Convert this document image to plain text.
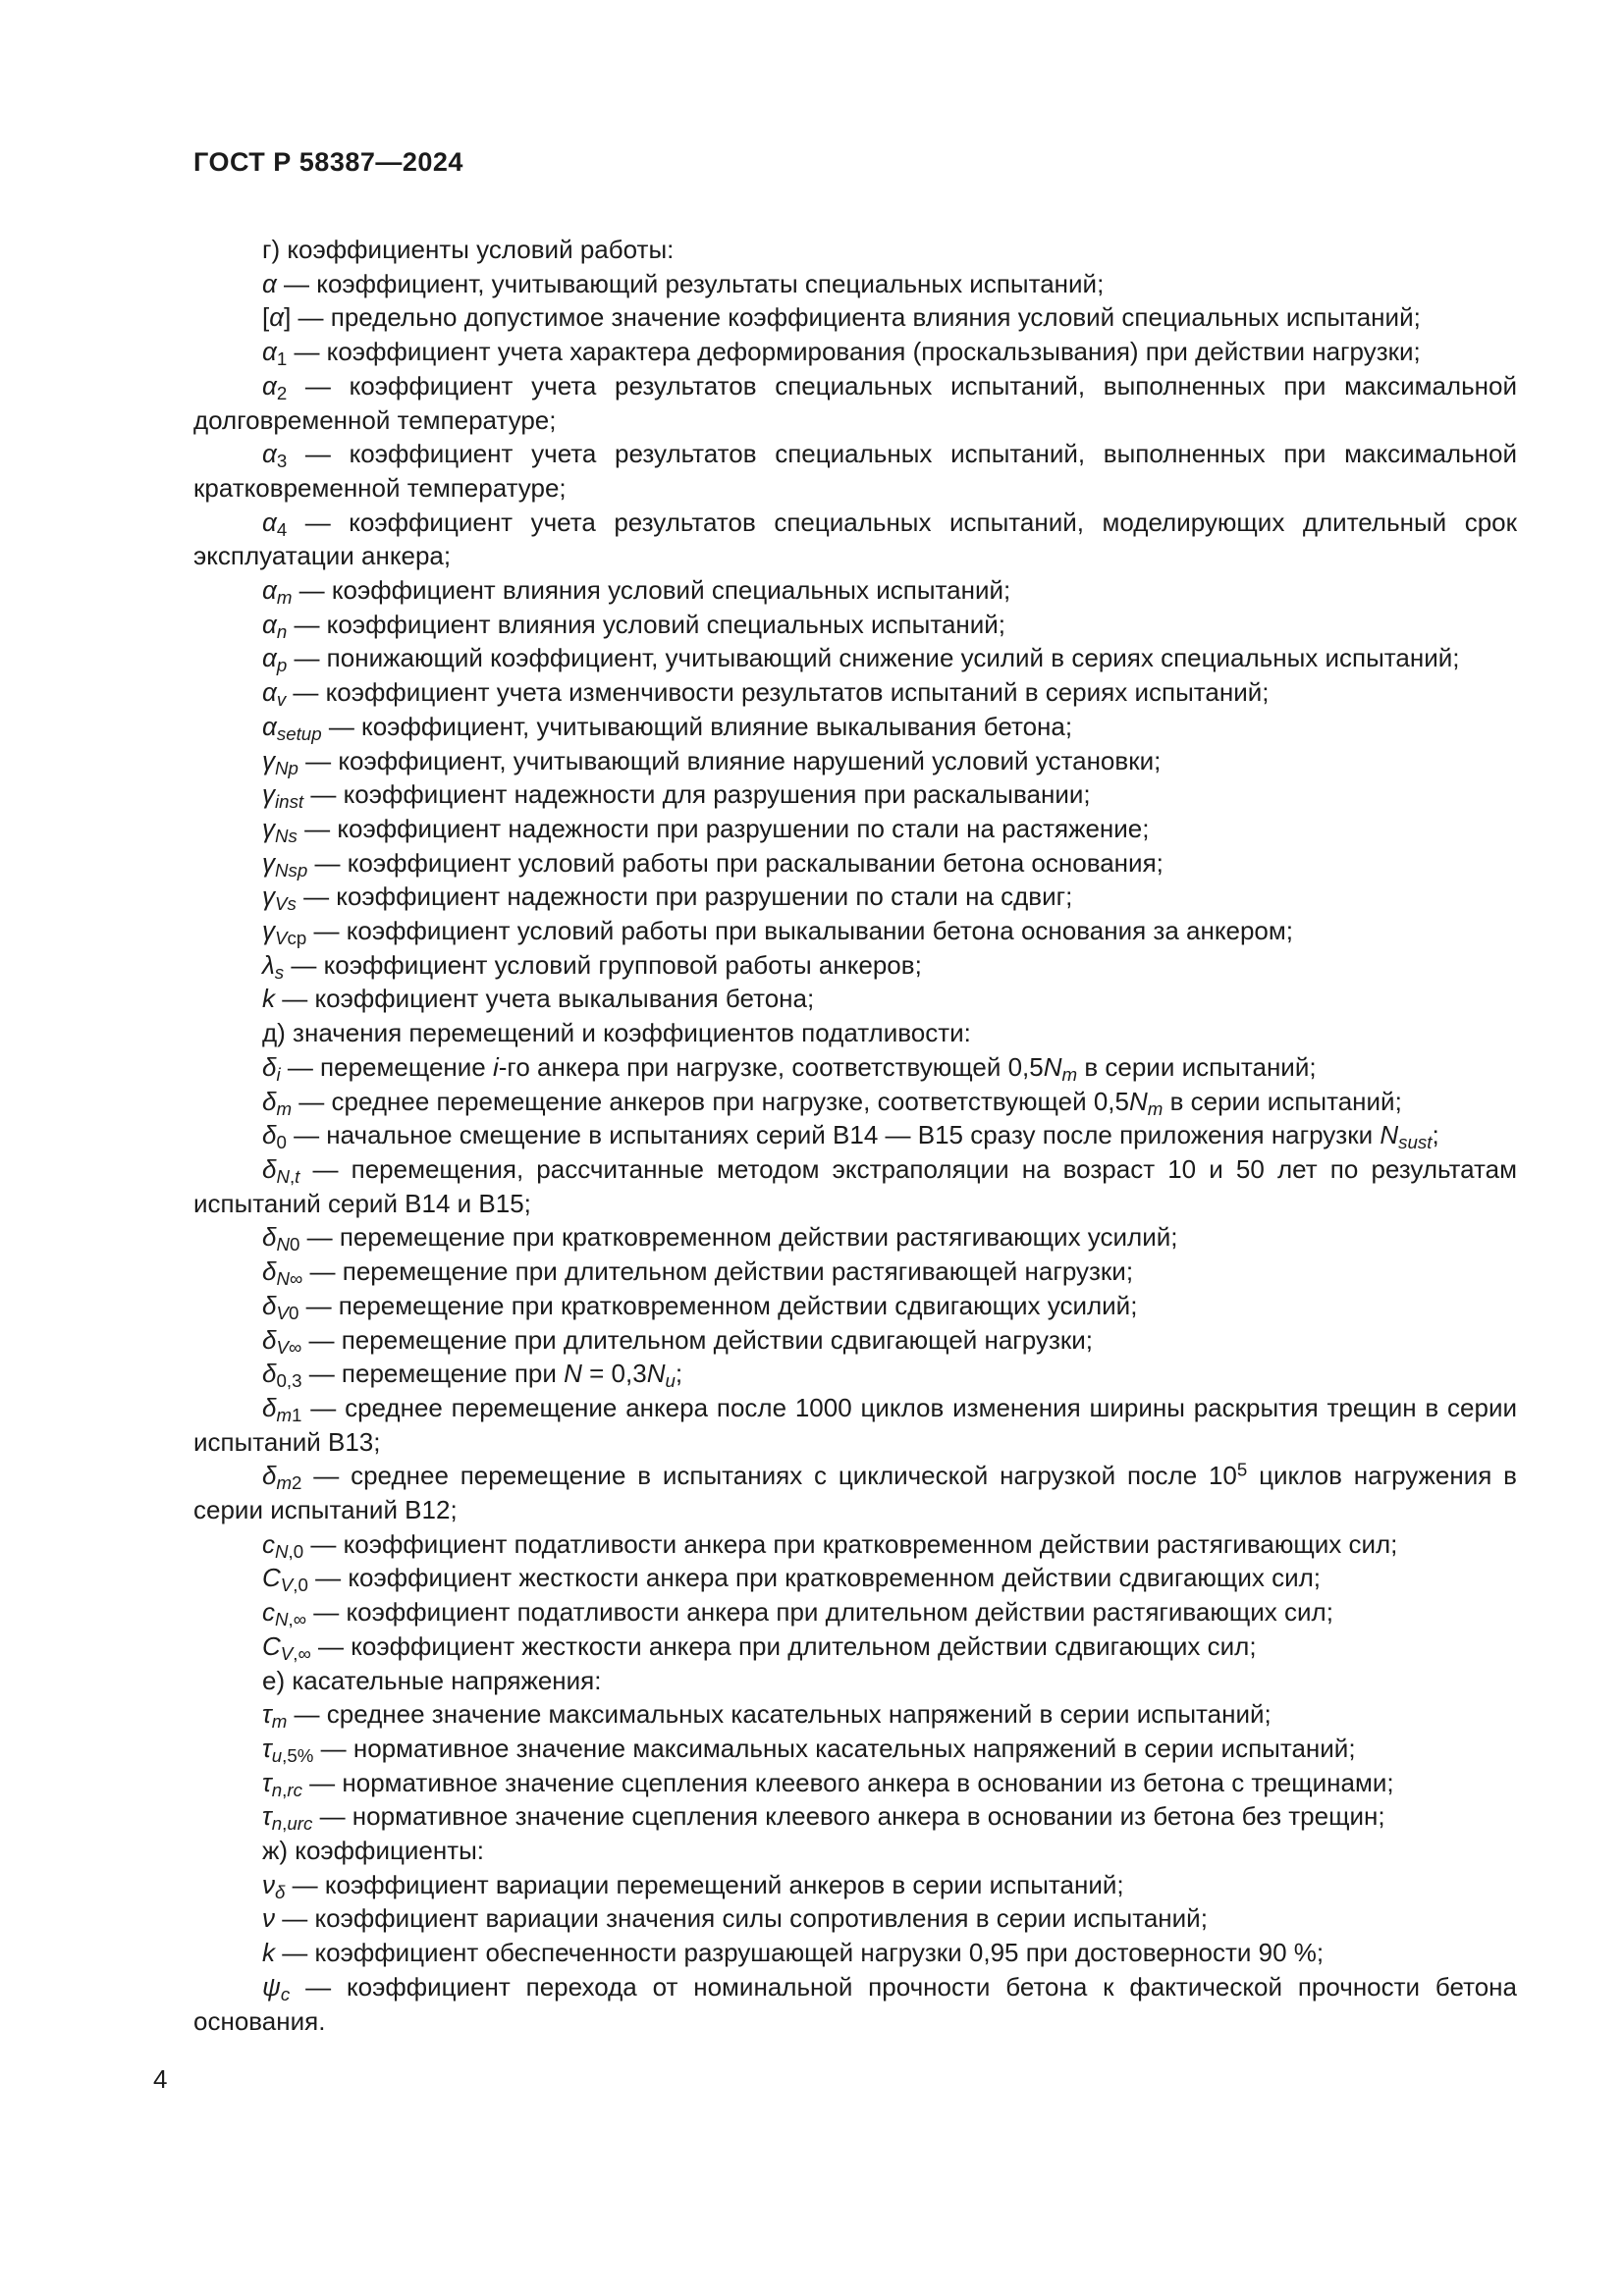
ГОСТ Р 58387—2024

г) коэффициенты условий работы:

α — коэффициент, учитывающий результаты специальных испытаний;

[α] — предельно допустимое значение коэффициента влияния условий специальных испытаний;

$\alpha_1$ — коэффициент учета характера деформирования (проскальзывания) при действии нагрузки;

$\alpha_2$ — коэффициент учета результатов специальных испытаний, выполненных при максимальной долговременной температуре;

$\alpha_3$ — коэффициент учета результатов специальных испытаний, выполненных при максимальной кратковременной температуре;

$\alpha_4$ — коэффициент учета результатов специальных испытаний, моделирующих длительный срок эксплуатации анкера;

$\alpha_m$ — коэффициент влияния условий специальных испытаний;

$\alpha_n$ — коэффициент влияния условий специальных испытаний;

$\alpha_p$ — понижающий коэффициент, учитывающий снижение усилий в сериях специальных испытаний;

$\alpha_v$ — коэффициент учета изменчивости результатов испытаний в сериях испытаний;

$\alpha_{setup}$ — коэффициент, учитывающий влияние выкалывания бетона;

$\gamma_{Np}$ — коэффициент, учитывающий влияние нарушений условий установки;

$\gamma_{inst}$ — коэффициент надежности для разрушения при раскалывании;

$\gamma_{Ns}$ — коэффициент надежности при разрушении по стали на растяжение;

$\gamma_{Nsp}$ — коэффициент условий работы при раскалывании бетона основания;

$\gamma_{Vs}$ — коэффициент надежности при разрушении по стали на сдвиг;

$\gamma_{Vср}$ — коэффициент условий работы при выкалывании бетона основания за анкером;

$\lambda_s$ — коэффициент условий групповой работы анкеров;

k — коэффициент учета выкалывания бетона;

д) значения перемещений и коэффициентов податливости:

$\delta_i$ — перемещение i-го анкера при нагрузке, соответствующей $0,5N_m$ в серии испытаний;

$\delta_m$ — среднее перемещение анкеров при нагрузке, соответствующей $0,5N_m$ в серии испытаний;

$\delta_0$ — начальное смещение в испытаниях серий В14 — В15 сразу после приложения нагрузки $N_{sust}$;

$\delta_{N,t}$ — перемещения, рассчитанные методом экстраполяции на возраст 10 и 50 лет по результатам испытаний серий В14 и В15;

$\delta_{N0}$ — перемещение при кратковременном действии растягивающих усилий;

$\delta_{N\infty}$ — перемещение при длительном действии растягивающей нагрузки;

$\delta_{V0}$ — перемещение при кратковременном действии сдвигающих усилий;

$\delta_{V\infty}$ — перемещение при длительном действии сдвигающей нагрузки;

$\delta_{0,3}$ — перемещение при $N = 0,3N_u$;

$\delta_{m1}$ — среднее перемещение анкера после 1000 циклов изменения ширины раскрытия трещин в серии испытаний В13;

$\delta_{m2}$ — среднее перемещение в испытаниях с циклической нагрузкой после $10^5$ циклов нагружения в серии испытаний В12;

$c_{N,0}$ — коэффициент податливости анкера при кратковременном действии растягивающих сил;

$C_{V,0}$ — коэффициент жесткости анкера при кратковременном действии сдвигающих сил;

$c_{N,\infty}$ — коэффициент податливости анкера при длительном действии растягивающих сил;

$C_{V,\infty}$ — коэффициент жесткости анкера при длительном действии сдвигающих сил;

е) касательные напряжения:

$\tau_m$ — среднее значение максимальных касательных напряжений в серии испытаний;

$\tau_{u,5\%}$ — нормативное значение максимальных касательных напряжений в серии испытаний;

$\tau_{n,rc}$ — нормативное значение сцепления клеевого анкера в основании из бетона с трещинами;

$\tau_{n,urc}$ — нормативное значение сцепления клеевого анкера в основании из бетона без трещин;

ж) коэффициенты:

$\nu_\delta$ — коэффициент вариации перемещений анкеров в серии испытаний;

ν — коэффициент вариации значения силы сопротивления в серии испытаний;

k — коэффициент обеспеченности разрушающей нагрузки 0,95 при достоверности 90 %;

$\psi_c$ — коэффициент перехода от номинальной прочности бетона к фактической прочности бетона основания.

4
